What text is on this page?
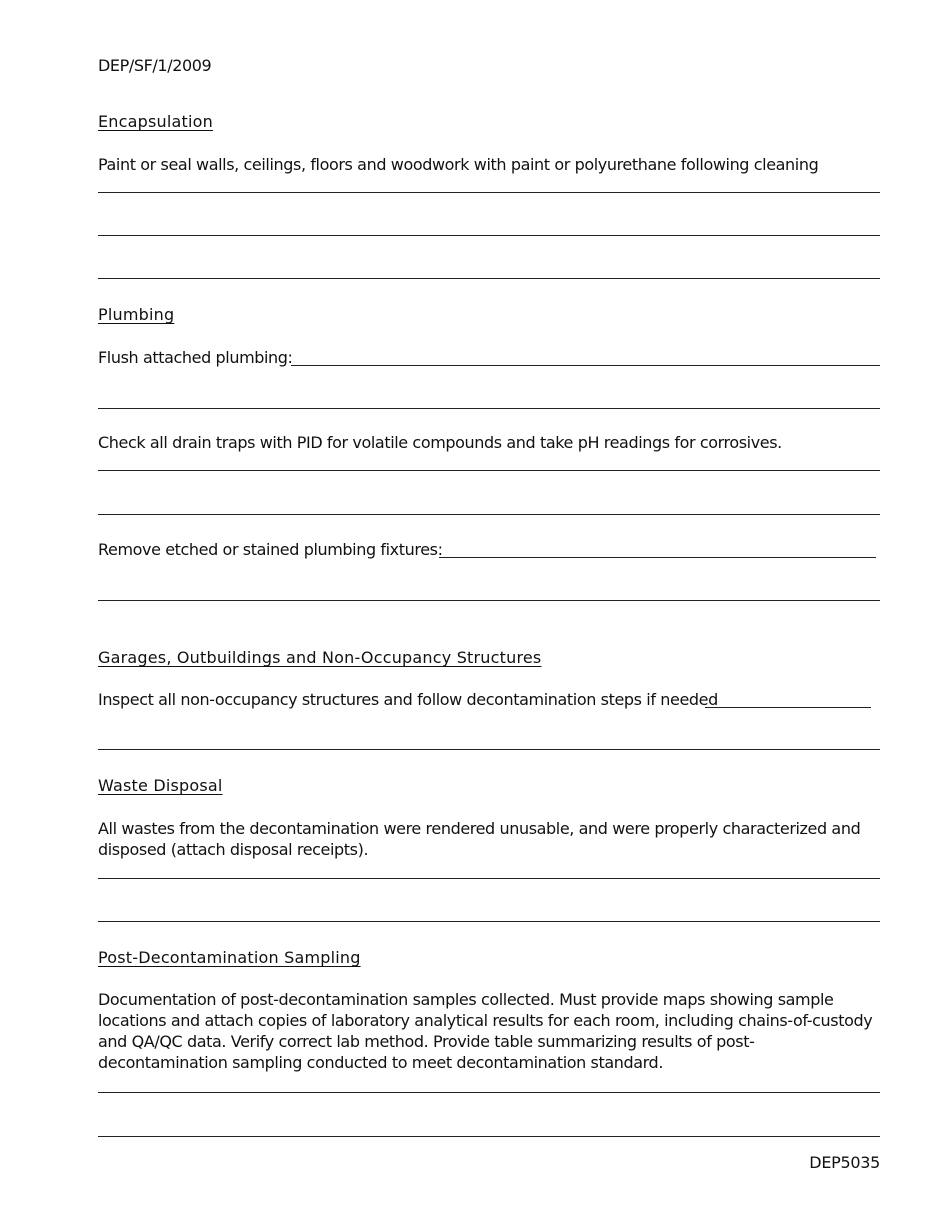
DEP/SF/1/2009
Encapsulation
Paint or seal walls, ceilings, floors and woodwork with paint or polyurethane following cleaning
Plumbing
Flush attached plumbing:
Check all drain traps with PID for volatile compounds and take pH readings for corrosives.
Remove etched or stained plumbing fixtures:
Garages, Outbuildings and Non-Occupancy Structures
Inspect all non-occupancy structures and follow decontamination steps if needed
Waste Disposal
All wastes from the decontamination were rendered unusable, and were properly characterized and disposed (attach disposal receipts).
Post-Decontamination Sampling
Documentation of post-decontamination samples collected. Must provide maps showing sample locations and attach copies of laboratory analytical results for each room, including chains-of-custody and QA/QC data. Verify correct lab method. Provide table summarizing results of post-decontamination sampling conducted to meet decontamination standard.
DEP5035
